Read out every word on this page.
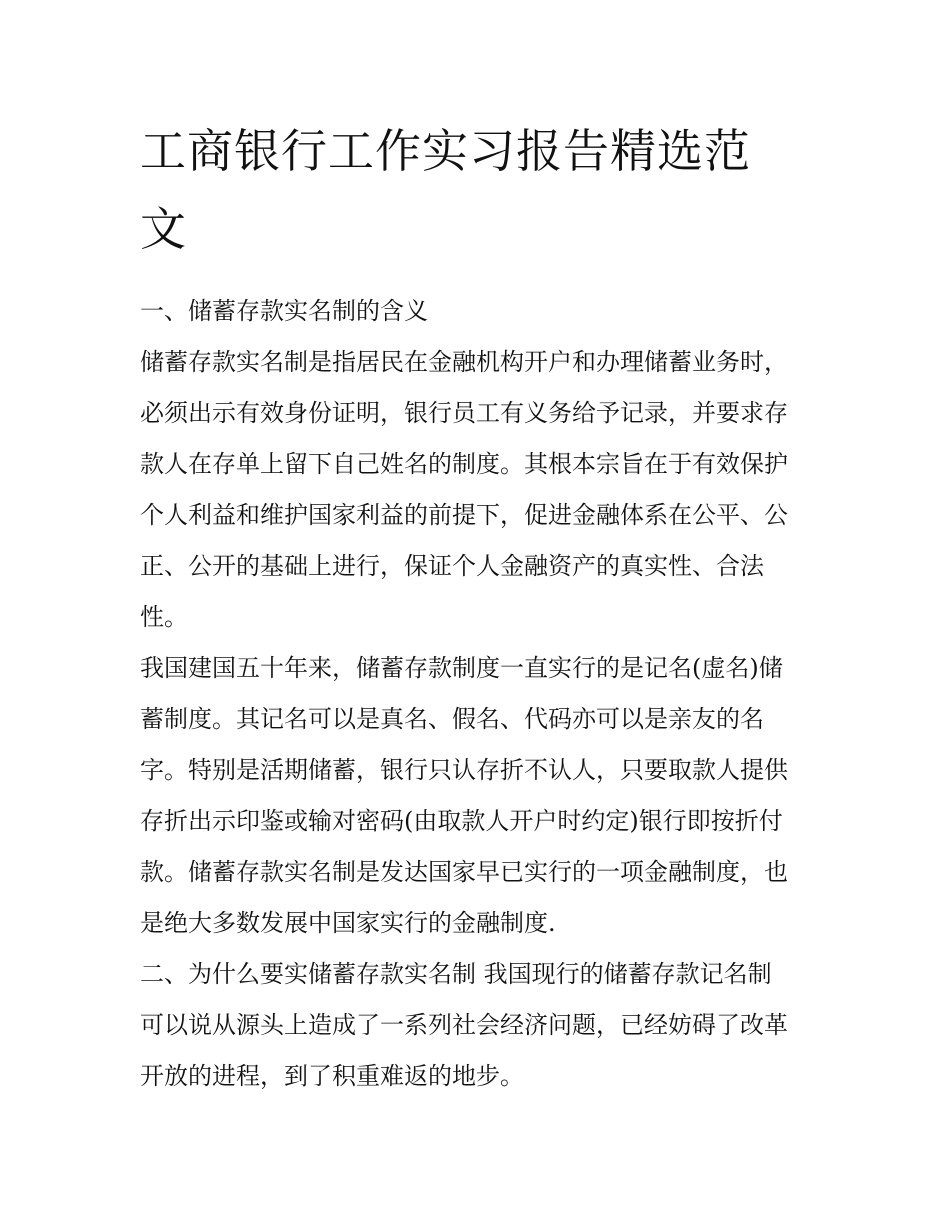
工商银行工作实习报告精选范
文

一、储蓄存款实名制的含义

储蓄存款实名制是指居民在金融机构开户和办理储蓄业务时，
必须出示有效身份证明，银行员工有义务给予记录，并要求存
款人在存单上留下自己姓名的制度。其根本宗旨在于有效保护
个人利益和维护国家利益的前提下，促进金融体系在公平、公
正、公开的基础上进行，保证个人金融资产的真实性、合法
性。

我国建国五十年来，储蓄存款制度一直实行的是记名(虚名)储
蓄制度。其记名可以是真名、假名、代码亦可以是亲友的名
字。特别是活期储蓄，银行只认存折不认人，只要取款人提供
存折出示印鉴或输对密码(由取款人开户时约定)银行即按折付
款。储蓄存款实名制是发达国家早已实行的一项金融制度，也
是绝大多数发展中国家实行的金融制度.

二、为什么要实储蓄存款实名制 我国现行的储蓄存款记名制
可以说从源头上造成了一系列社会经济问题，已经妨碍了改革
开放的进程，到了积重难返的地步。
